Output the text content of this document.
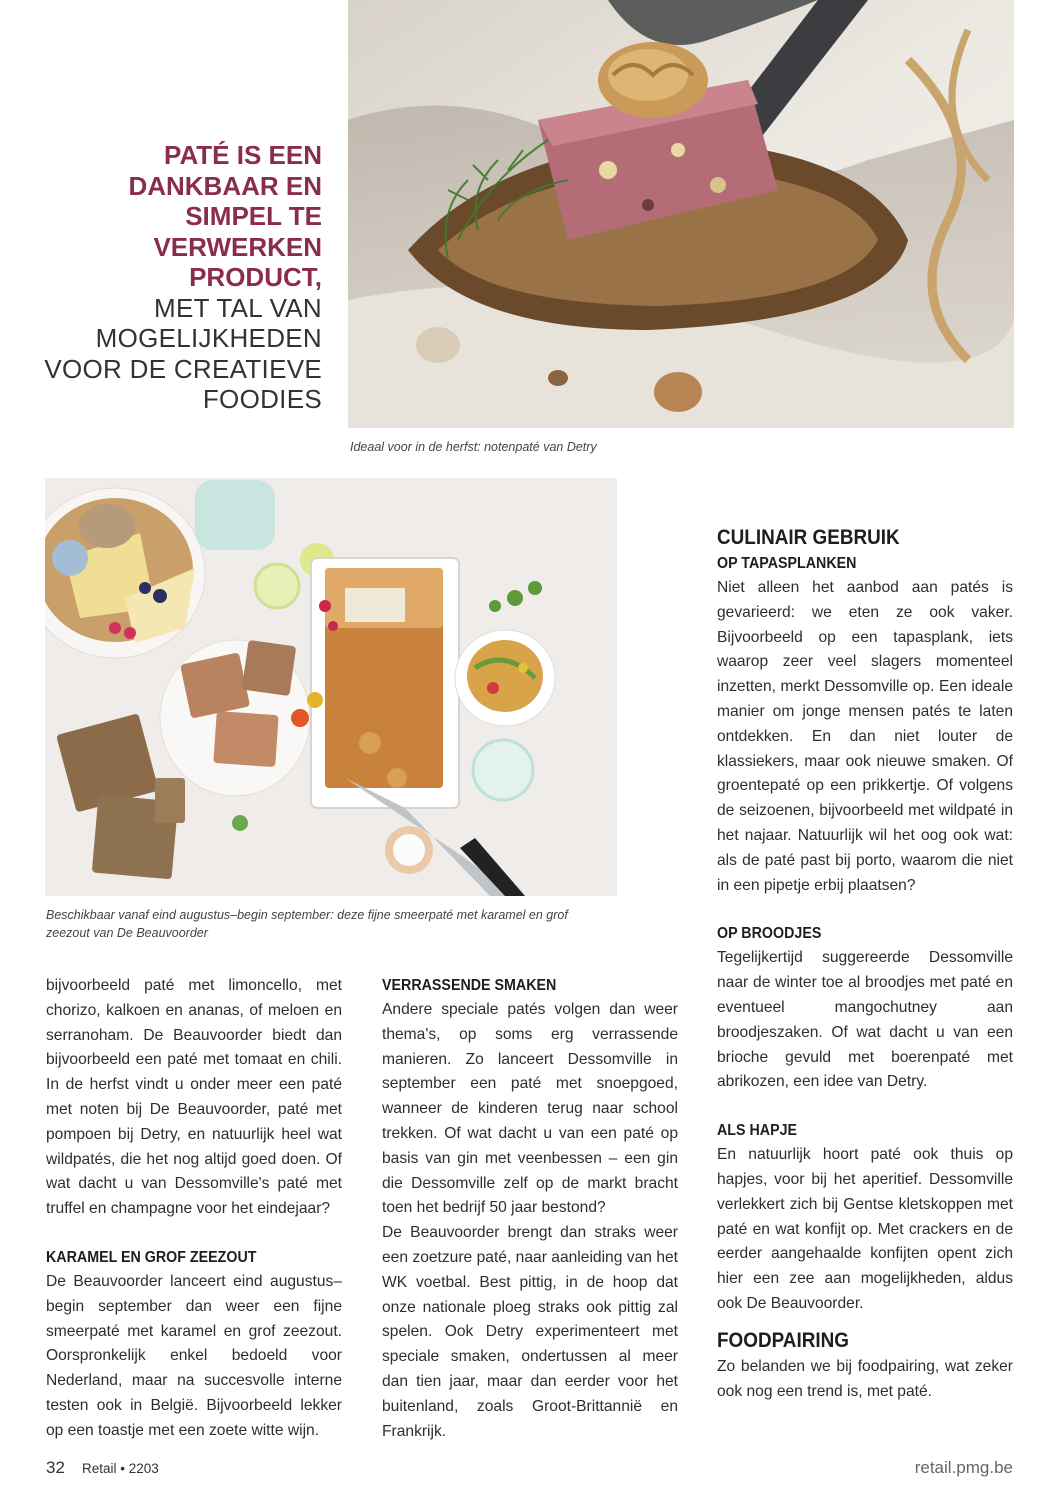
PATÉ IS EEN
DANKBAAR EN
SIMPEL TE
VERWERKEN
PRODUCT,
MET TAL VAN
MOGELIJKHEDEN
VOOR DE CREATIEVE
FOODIES
Ideaal voor in de herfst: notenpaté van Detry
Beschikbaar vanaf eind augustus–begin september: deze fijne smeerpaté met karamel en grof zeezout van De Beauvoorder

bijvoorbeeld paté met limoncello, met chorizo, kalkoen en ananas, of meloen en serranoham. De Beauvoorder biedt dan bijvoorbeeld een paté met tomaat en chili. In de herfst vindt u onder meer een paté met noten bij De Beauvoorder, paté met pompoen bij Detry, en natuurlijk heel wat wildpatés, die het nog altijd goed doen. Of wat dacht u van Dessomville's paté met truffel en champagne voor het eindejaar?

KARAMEL EN GROF ZEEZOUT

De Beauvoorder lanceert eind augustus–begin september dan weer een fijne smeerpaté met karamel en grof zeezout. Oorspronkelijk enkel bedoeld voor Nederland, maar na succesvolle interne testen ook in België. Bijvoorbeeld lekker op een toastje met een zoete witte wijn.

VERRASSENDE SMAKEN

Andere speciale patés volgen dan weer thema's, op soms erg verrassende manieren. Zo lanceert Dessomville in september een paté met snoepgoed, wanneer de kinderen terug naar school trekken. Of wat dacht u van een paté op basis van gin met veenbessen – een gin die Dessomville zelf op de markt bracht toen het bedrijf 50 jaar bestond?

De Beauvoorder brengt dan straks weer een zoetzure paté, naar aanleiding van het WK voetbal. Best pittig, in de hoop dat onze nationale ploeg straks ook pittig zal spelen. Ook Detry experimenteert met speciale smaken, ondertussen al meer dan tien jaar, maar dan eerder voor het buitenland, zoals Groot-Brittannië en Frankrijk.

CULINAIR GEBRUIK
OP TAPASPLANKEN

Niet alleen het aanbod aan patés is gevarieerd: we eten ze ook vaker. Bijvoorbeeld op een tapasplank, iets waarop zeer veel slagers momenteel inzetten, merkt Dessomville op. Een ideale manier om jonge mensen patés te laten ontdekken. En dan niet louter de klassiekers, maar ook nieuwe smaken. Of groentepaté op een prikkertje. Of volgens de seizoenen, bijvoorbeeld met wildpaté in het najaar. Natuurlijk wil het oog ook wat: als de paté past bij porto, waarom die niet in een pipetje erbij plaatsen?

OP BROODJES

Tegelijkertijd suggereerde Dessomville naar de winter toe al broodjes met paté en eventueel mangochutney aan broodjeszaken. Of wat dacht u van een brioche gevuld met boerenpaté met abrikozen, een idee van Detry.

ALS HAPJE

En natuurlijk hoort paté ook thuis op hapjes, voor bij het aperitief. Dessomville verlekkert zich bij Gentse kletskoppen met paté en wat konfijt op. Met crackers en de eerder aangehaalde konfijten opent zich hier een zee aan mogelijkheden, aldus ook De Beauvoorder.

FOODPAIRING

Zo belanden we bij foodpairing, wat zeker ook nog een trend is, met paté.

32 Retail • 2203	retail.pmg.be
